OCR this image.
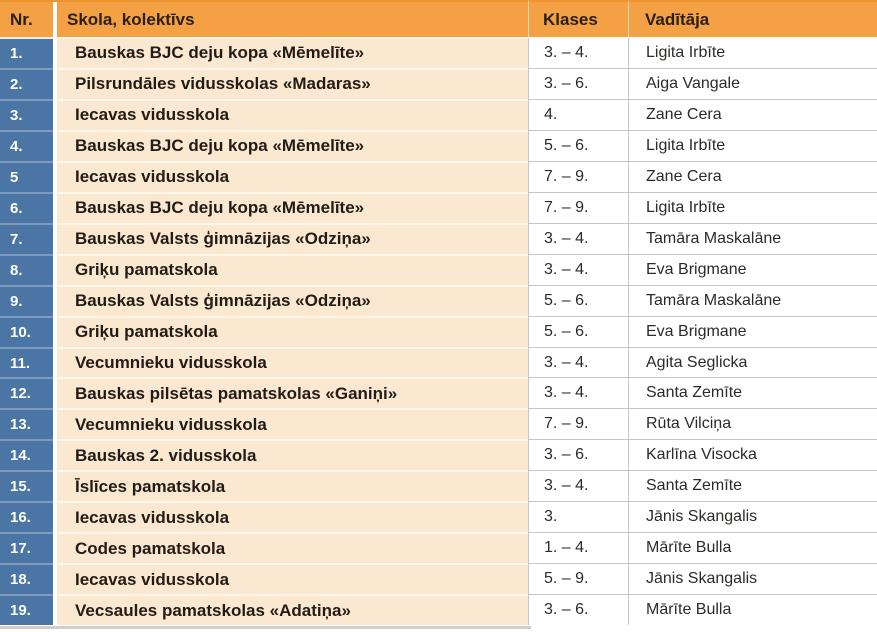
Nr.	Skola, kolektīvs	Klases	Vadītāja
1.	Bauskas BJC deju kopa «Mēmelīte»	3. – 4.	Ligita Irbīte
2.	Pilsrundāles vidusskolas «Madaras»	3. – 6.	Aiga Vangale
3.	Iecavas vidusskola	4.	Zane Cera
4.	Bauskas BJC deju kopa «Mēmelīte»	5. – 6.	Ligita Irbīte
5	Iecavas vidusskola	7. – 9.	Zane Cera
6.	Bauskas BJC deju kopa «Mēmelīte»	7. – 9.	Ligita Irbīte
7.	Bauskas Valsts ģimnāzijas «Odziņa»	3. – 4.	Tamāra Maskalāne
8.	Griķu pamatskola	3. – 4.	Eva Brigmane
9.	Bauskas Valsts ģimnāzijas «Odziņa»	5. – 6.	Tamāra Maskalāne
10.	Griķu pamatskola	5. – 6.	Eva Brigmane
11.	Vecumnieku vidusskola	3. – 4.	Agita Seglicka
12.	Bauskas pilsētas pamatskolas «Ganiņi»	3. – 4.	Santa Zemīte
13.	Vecumnieku vidusskola	7. – 9.	Rūta Vilciņa
14.	Bauskas 2. vidusskola	3. – 6.	Karlīna Visocka
15.	Īslīces pamatskola	3. – 4.	Santa Zemīte
16.	Iecavas vidusskola	3.	Jānis Skangalis
17.	Codes pamatskola	1. – 4.	Mārīte Bulla
18.	Iecavas vidusskola	5. – 9.	Jānis Skangalis
19.	Vecsaules pamatskolas «Adatiņa»	3. – 6.	Mārīte Bulla
